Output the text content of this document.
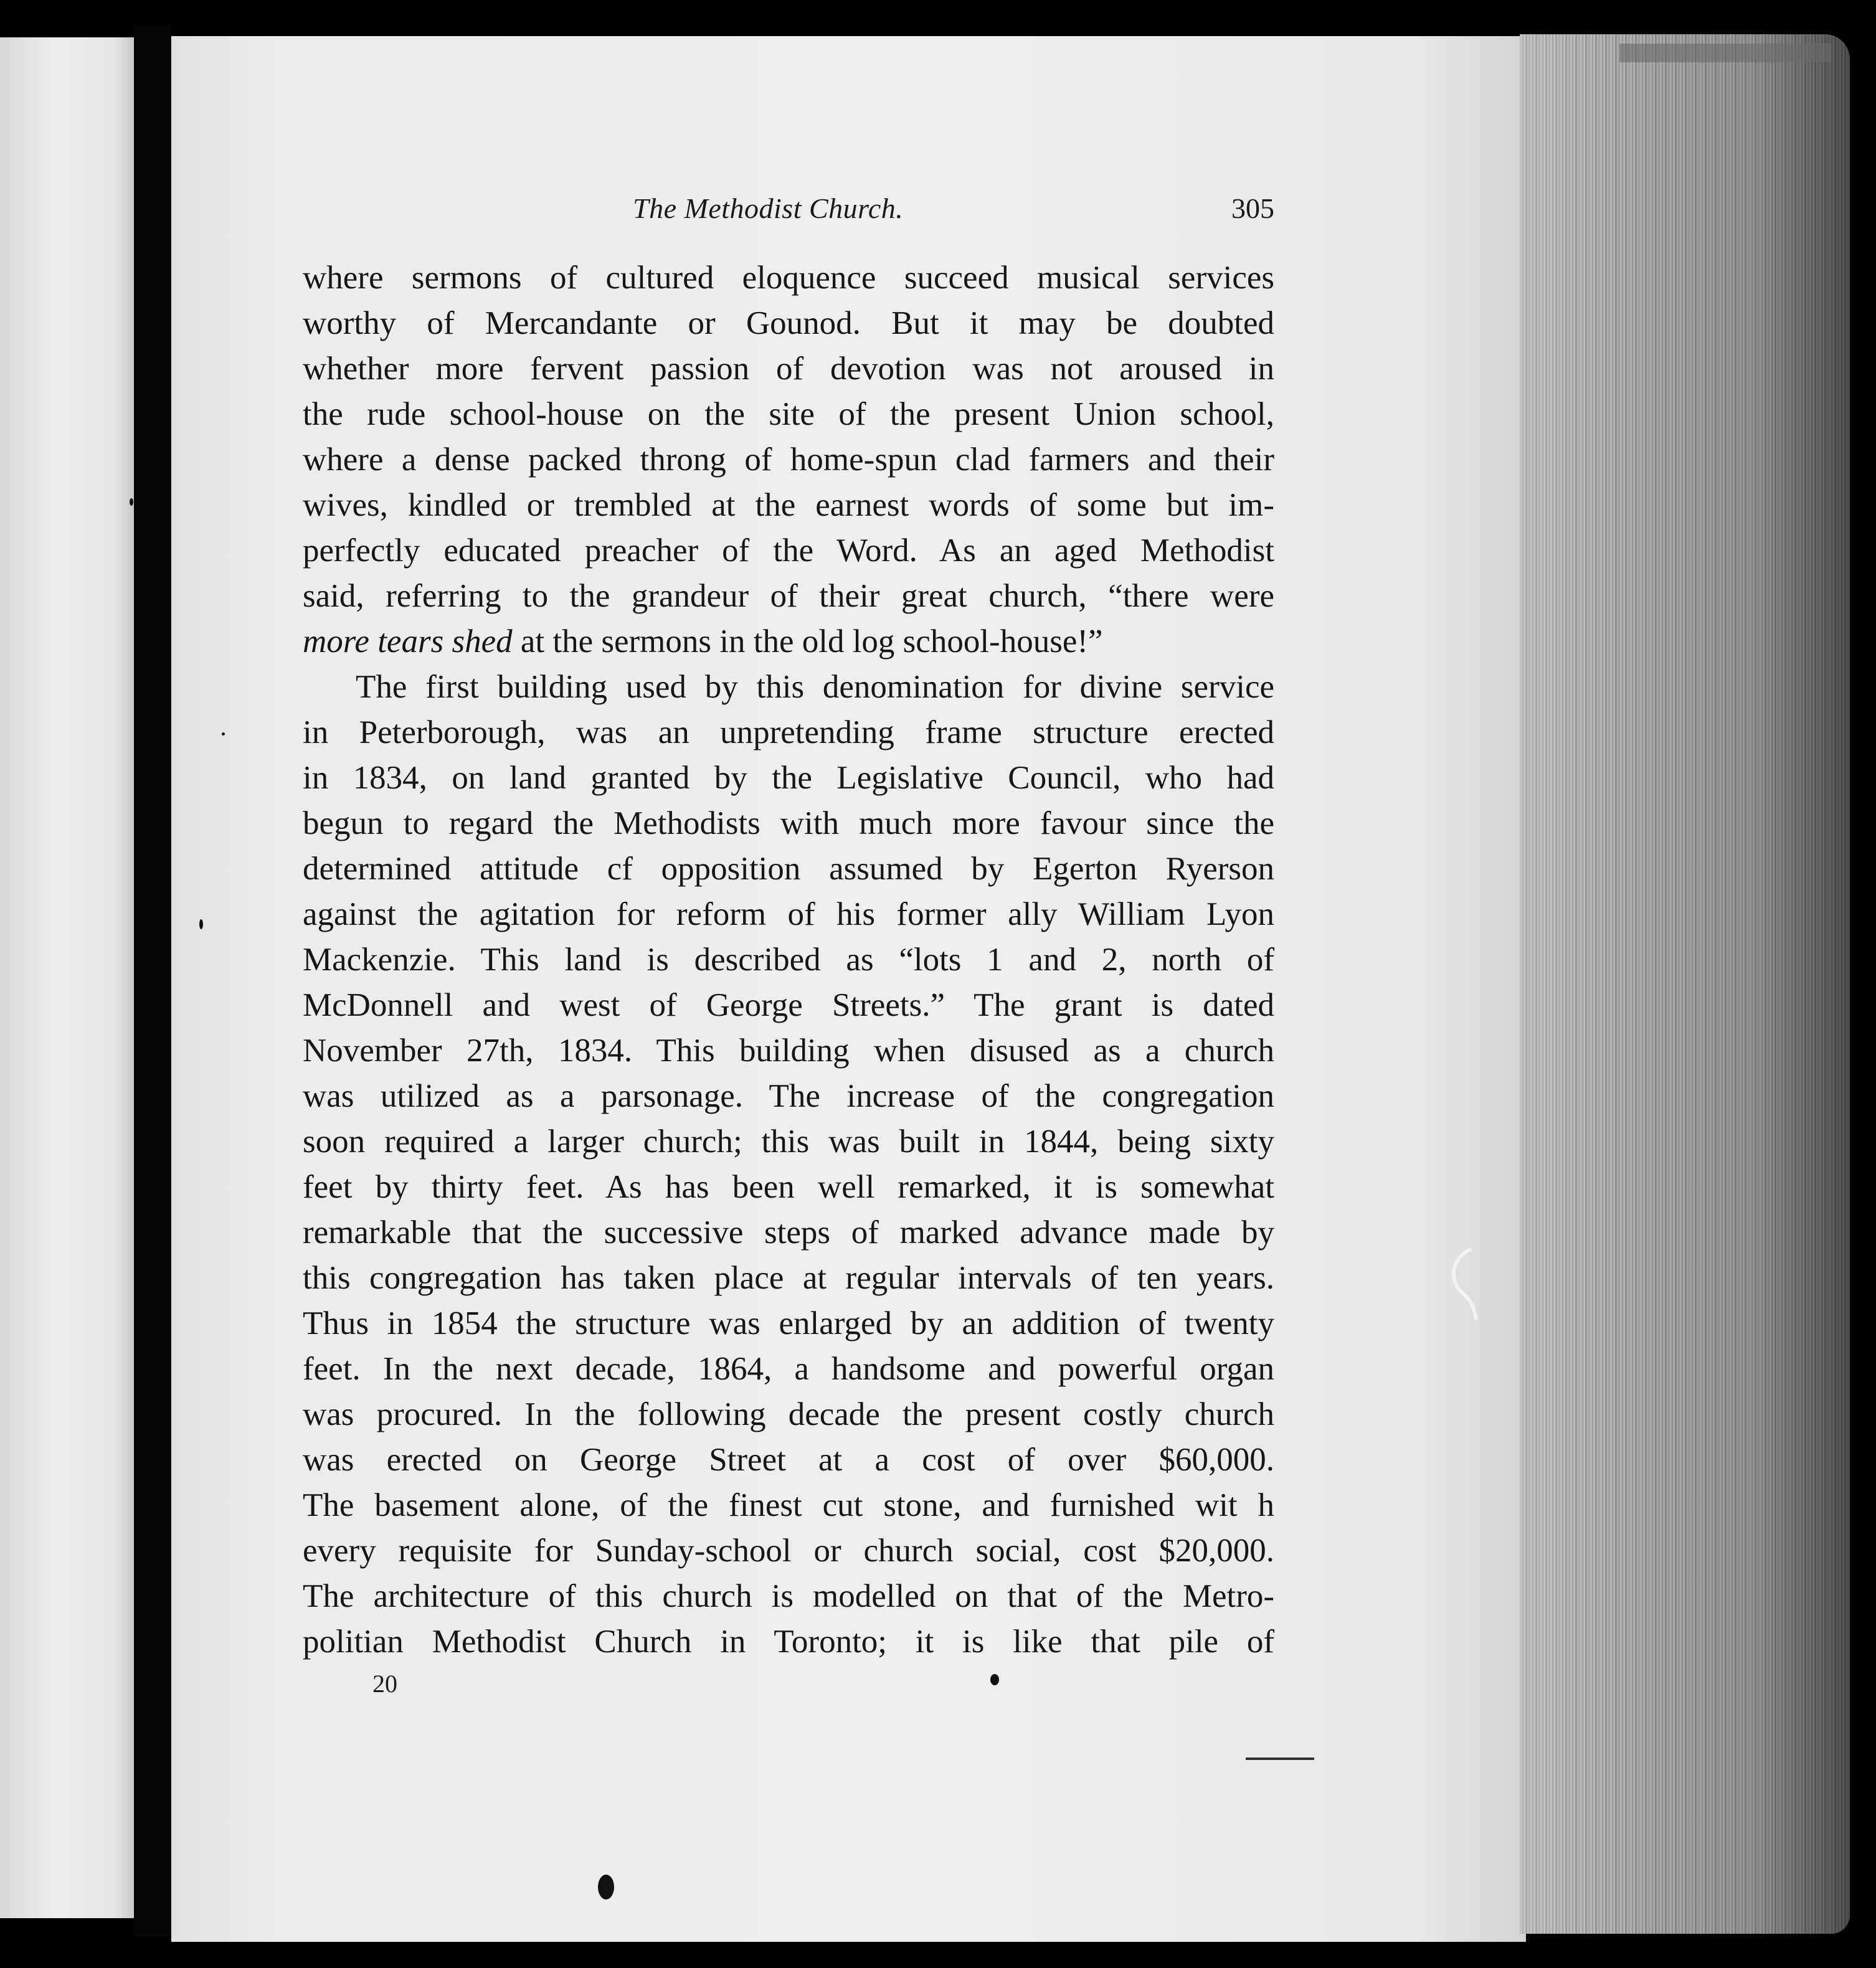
The Methodist Church.	305
where sermons of cultured eloquence succeed musical services
worthy of Mercandante or Gounod. But it may be doubted
whether more fervent passion of devotion was not aroused in
the rude school-house on the site of the present Union school,
where a dense packed throng of home-spun clad farmers and their
wives, kindled or trembled at the earnest words of some but im-
perfectly educated preacher of the Word. As an aged Methodist
said, referring to the grandeur of their great church, “there were
more tears shed at the sermons in the old log school-house!”
The first building used by this denomination for divine service
in Peterborough, was an unpretending frame structure erected
in 1834, on land granted by the Legislative Council, who had
begun to regard the Methodists with much more favour since the
determined attitude cf opposition assumed by Egerton Ryerson
against the agitation for reform of his former ally William Lyon
Mackenzie. This land is described as “lots 1 and 2, north of
McDonnell and west of George Streets.” The grant is dated
November 27th, 1834. This building when disused as a church
was utilized as a parsonage. The increase of the congregation
soon required a larger church; this was built in 1844, being sixty
feet by thirty feet. As has been well remarked, it is somewhat
remarkable that the successive steps of marked advance made by
this congregation has taken place at regular intervals of ten years.
Thus in 1854 the structure was enlarged by an addition of twenty
feet. In the next decade, 1864, a handsome and powerful organ
was procured. In the following decade the present costly church
was erected on George Street at a cost of over $60,000.
The basement alone, of the finest cut stone, and furnished wit h
every requisite for Sunday-school or church social, cost $20,000.
The architecture of this church is modelled on that of the Metro-
politian Methodist Church in Toronto; it is like that pile of
20
